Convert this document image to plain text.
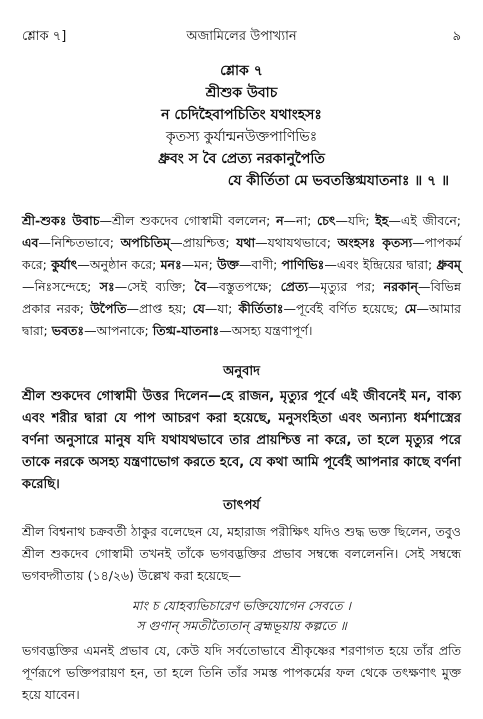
শ্লোক ৭]	অজামিলের উপাখ্যান	৯
শ্লোক ৭
শ্রীশুক উবাচ
ন চেদিহৈবাপচিতিং যথাংহসঃ
কৃতস্য কুর্যান্মনউক্তপাণিভিঃ
ধ্রুবং স বৈ প্রেত্য নরকানুপৈতি
যে কীর্তিতা মে ভবতস্তিগ্মযাতনাঃ ॥ ৭ ॥
শ্রী-শুকঃ উবাচ—শ্রীল শুকদেব গোস্বামী বললেন; ন—না; চেৎ—যদি; ইহ—এই জীবনে; এব—নিশ্চিতভাবে; অপচিতিম্—প্রায়শ্চিত্ত; যথা—যথাযথভাবে; অংহসঃ কৃতস্য—পাপকর্ম করে; কুর্যাৎ—অনুষ্ঠান করে; মনঃ—মন; উক্ত—বাণী; পাণিভিঃ—এবং ইন্দ্রিয়ের দ্বারা; ধ্রুবম্—নিঃসন্দেহে; সঃ—সেই ব্যক্তি; বৈ—বস্তুতপক্ষে; প্রেত্য—মৃত্যুর পর; নরকান্—বিভিন্ন প্রকার নরক; উপৈতি—প্রাপ্ত হয়; যে—যা; কীর্তিতাঃ—পূর্বেই বর্ণিত হয়েছে; মে—আমার দ্বারা; ভবতঃ—আপনাকে; তিগ্ম-যাতনাঃ—অসহ্য যন্ত্রণাপূর্ণ।
অনুবাদ
শ্রীল শুকদেব গোস্বামী উত্তর দিলেন—হে রাজন, মৃত্যুর পূর্বে এই জীবনেই মন, বাক্য এবং শরীর দ্বারা যে পাপ আচরণ করা হয়েছে, মনুসংহিতা এবং অন্যান্য ধর্মশাস্ত্রের বর্ণনা অনুসারে মানুষ যদি যথাযথভাবে তার প্রায়শ্চিত্ত না করে, তা হলে মৃত্যুর পরে তাকে নরকে অসহ্য যন্ত্রণাভোগ করতে হবে, যে কথা আমি পূর্বেই আপনার কাছে বর্ণনা করেছি।
তাৎপর্য
শ্রীল বিশ্বনাথ চক্রবর্তী ঠাকুর বলেছেন যে, মহারাজ পরীক্ষিৎ যদিও শুদ্ধ ভক্ত ছিলেন, তবুও শ্রীল শুকদেব গোস্বামী তখনই তাঁকে ভগবদ্ভক্তির প্রভাব সম্বন্ধে বললেননি। সেই সম্বন্ধে ভগবদ্গীতায় (১৪/২৬) উল্লেখ করা হয়েছে—
মাং চ যোহব্যভিচারেণ ভক্তিযোগেন সেবতে ।
স গুণান্ সমতীত্যৈতান্ ব্রহ্মভূয়ায় কল্পতে ॥
ভগবদ্ভক্তির এমনই প্রভাব যে, কেউ যদি সর্বতোভাবে শ্রীকৃষ্ণের শরণাগত হয়ে তাঁর প্রতি পূর্ণরূপে ভক্তিপরায়ণ হন, তা হলে তিনি তাঁর সমস্ত পাপকর্মের ফল থেকে তৎক্ষণাৎ মুক্ত হয়ে যাবেন।
